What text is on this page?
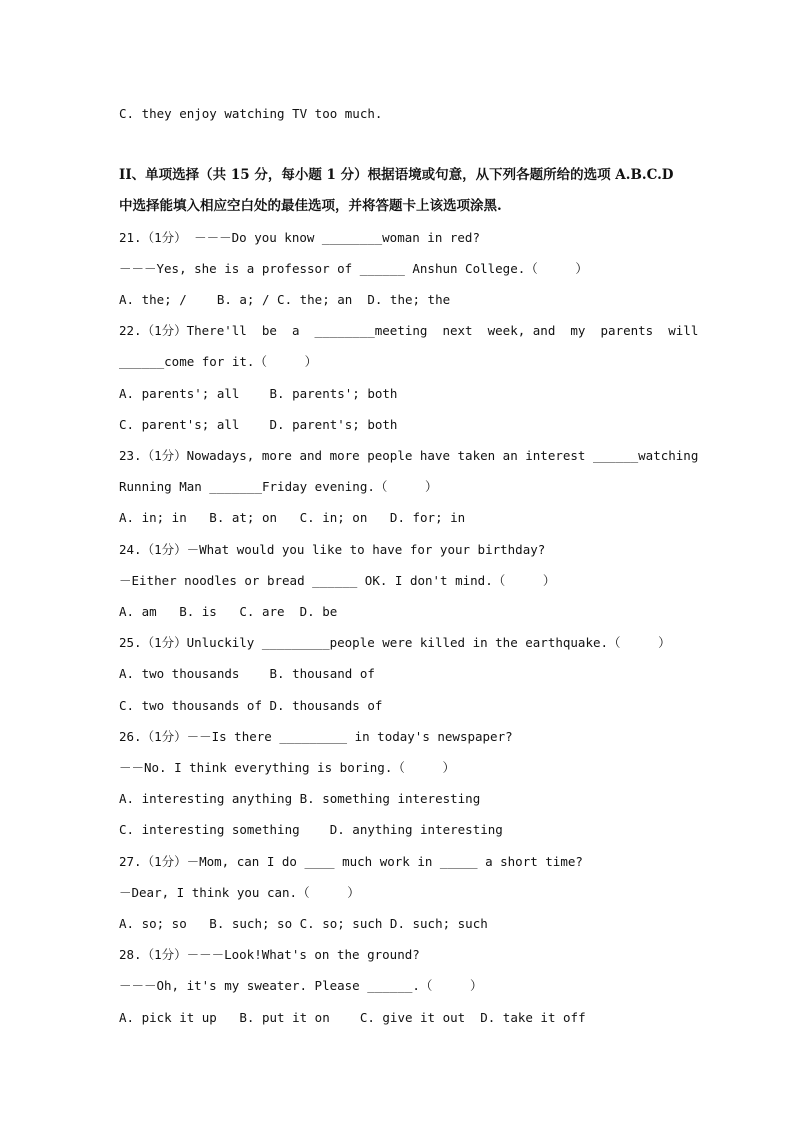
C. they enjoy watching TV too much.
II、单项选择（共 15 分，每小题 1 分）根据语境或句意，从下列各题所给的选项 A.B.C.D
中选择能填入相应空白处的最佳选项，并将答题卡上该选项涂黑.
21.（1分） －－－Do you know ________woman in red?
－－－Yes, she is a professor of ______ Anshun College.（     ）
A. the; /    B. a; / C. the; an  D. the; the
22.（1分）There'll  be  a  ________meeting  next  week, and  my  parents  will
______come for it.（     ）
A. parents'; all    B. parents'; both
C. parent's; all    D. parent's; both
23.（1分）Nowadays, more and more people have taken an interest ______watching
Running Man _______Friday evening.（     ）
A. in; in   B. at; on   C. in; on   D. for; in
24.（1分）－What would you like to have for your birthday?
－Either noodles or bread ______ OK. I don't mind.（     ）
A. am   B. is   C. are  D. be
25.（1分）Unluckily _________people were killed in the earthquake.（     ）
A. two thousands    B. thousand of
C. two thousands of D. thousands of
26.（1分）－－Is there _________ in today's newspaper?
－－No. I think everything is boring.（     ）
A. interesting anything B. something interesting
C. interesting something    D. anything interesting
27.（1分）－Mom, can I do ____ much work in _____ a short time?
－Dear, I think you can.（     ）
A. so; so   B. such; so C. so; such D. such; such
28.（1分）－－－Look!What's on the ground?
－－－Oh, it's my sweater. Please ______.（     ）
A. pick it up   B. put it on    C. give it out  D. take it off
